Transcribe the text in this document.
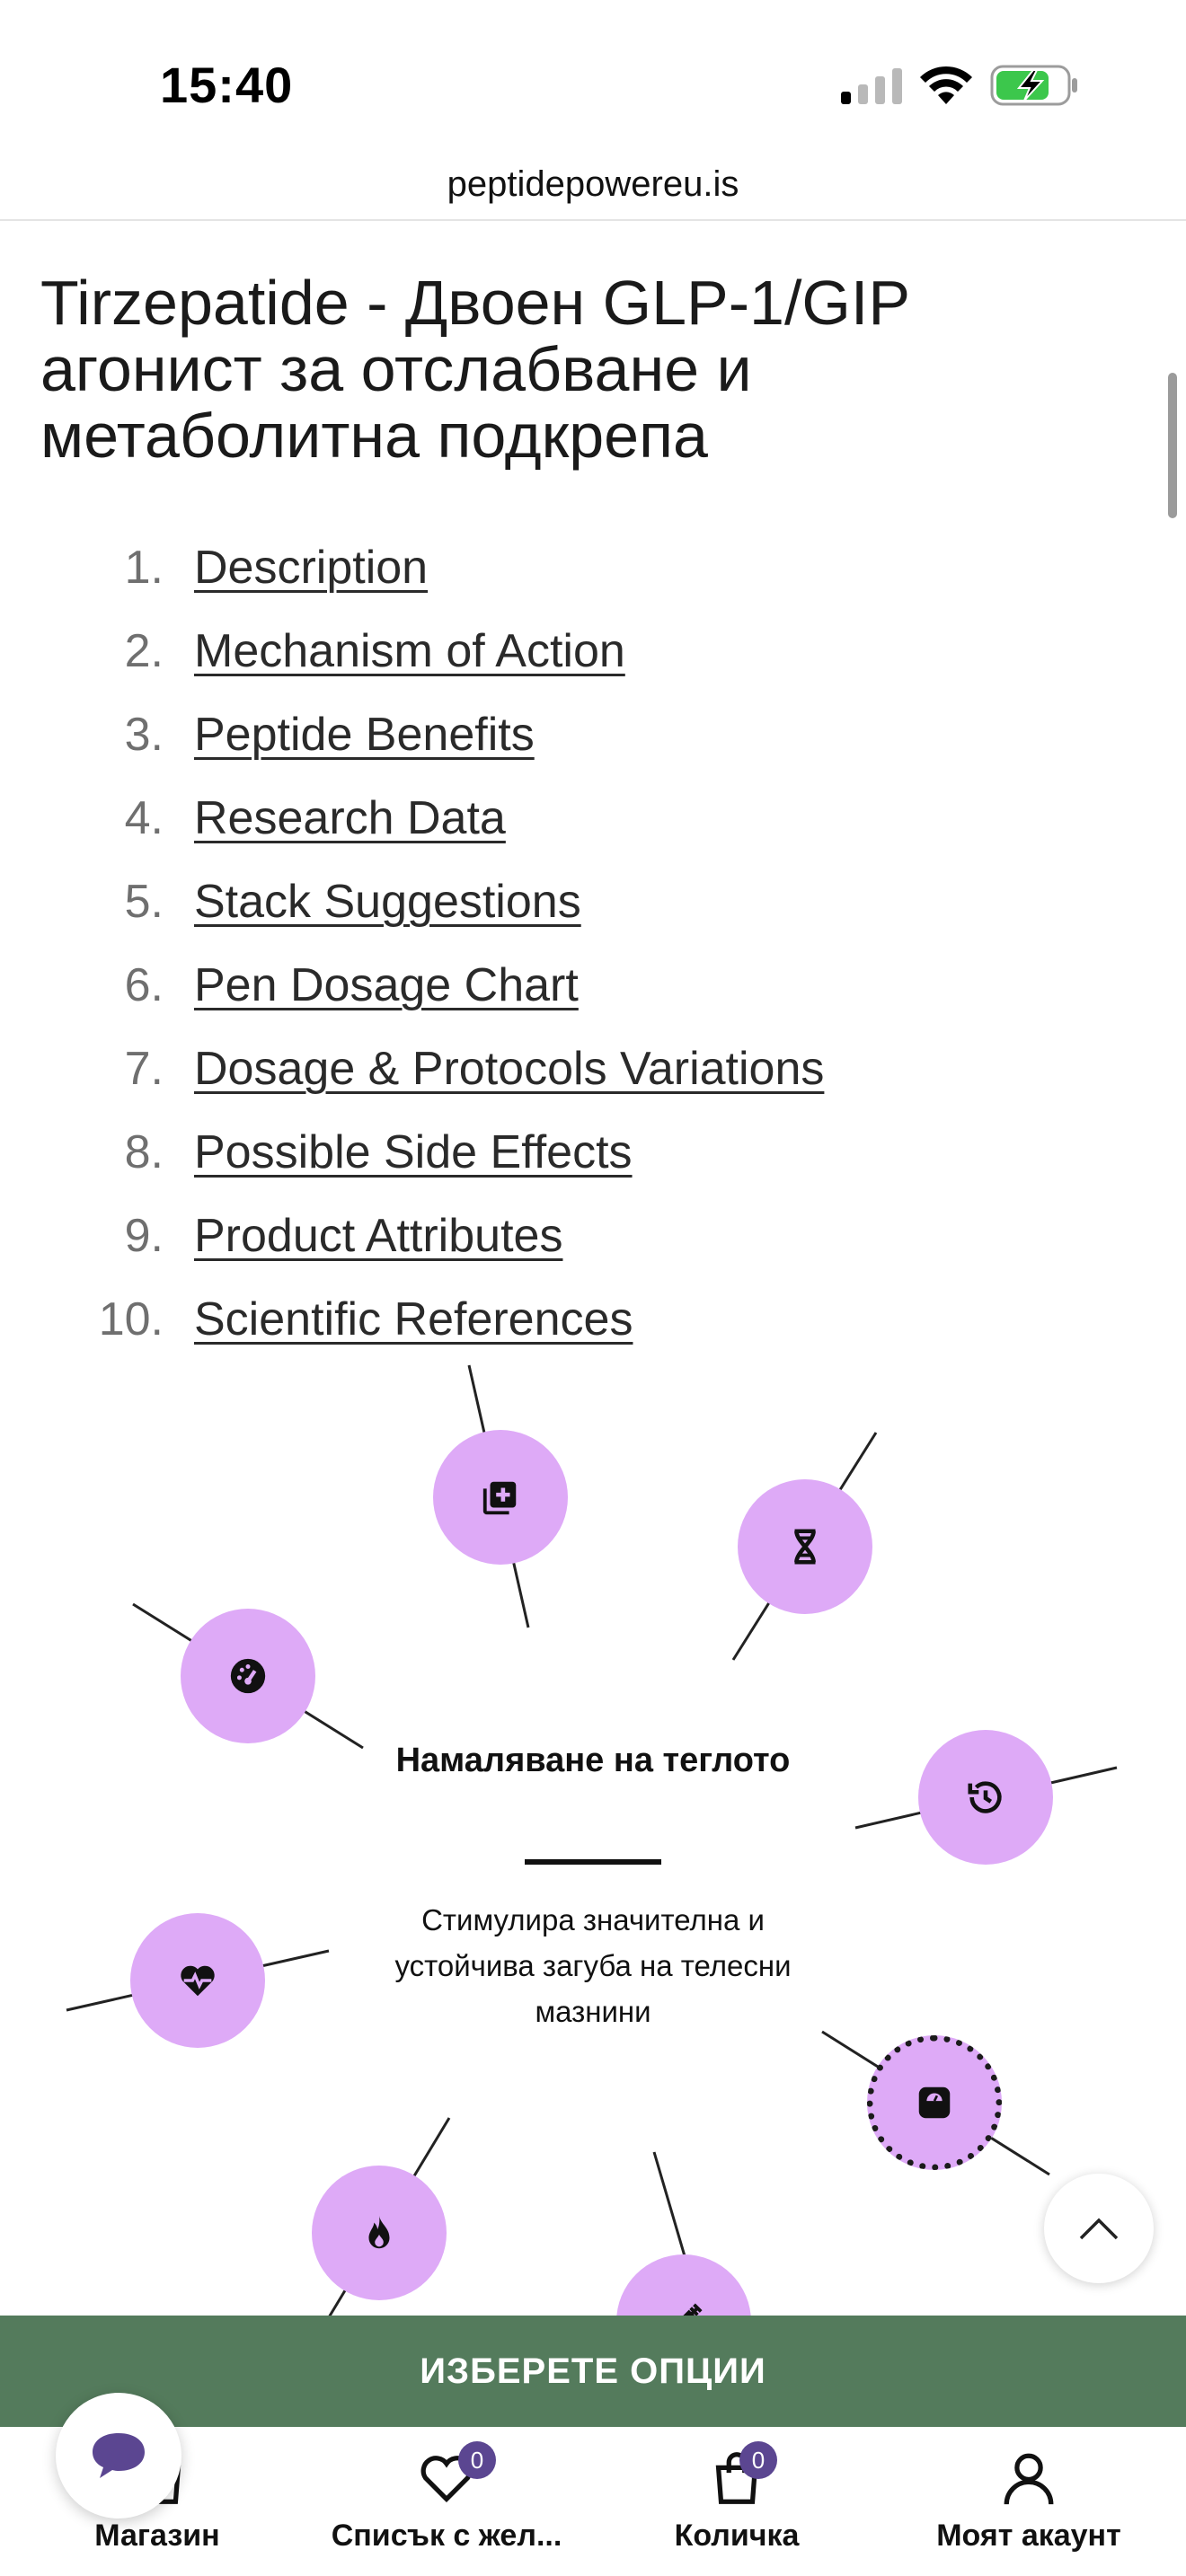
15:40
peptidepowereu.is
Tirzepatide - Двоен GLP-1/GIP агонист за отслабване и метаболитна подкрепа
1. Description
2. Mechanism of Action
3. Peptide Benefits
4. Research Data
5. Stack Suggestions
6. Pen Dosage Chart
7. Dosage & Protocols Variations
8. Possible Side Effects
9. Product Attributes
10. Scientific References
Намаляване на теглото
Стимулира значителна и устойчива загуба на телесни мазнини
ИЗБЕРЕТЕ ОПЦИИ
Магазин
0
Списък с жел...
0
Количка	Моят акаунт
